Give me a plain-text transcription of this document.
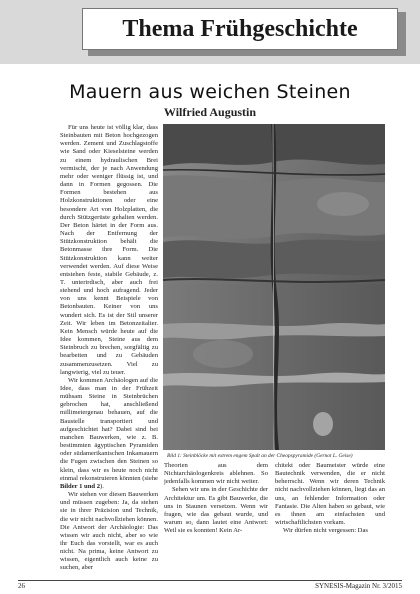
Thema Frühgeschichte
Mauern aus weichen Steinen
Wilfried Augustin

Für uns heute ist völlig klar, dass Steinbauten mit Beton hochgezogen werden. Zement und Zuschlagstoffe wie Sand oder Kieselsteine werden zu einem hydraulischen Brei vermischt, der je nach Anwendung mehr oder weniger flüssig ist, und dann in Formen gegossen. Die Formen bestehen aus Holzkonstruktionen oder eine besondere Art von Holzplatten, die durch Stützgerüste gehalten werden. Der Beton härtet in der Form aus. Nach der Entfernung der Stützkonstruktion behält die Betonmasse ihre Form. Die Stützkonstruktion kann weiter verwendet werden. Auf diese Weise entstehen feste, stabile Gebäude, z. T. unterirdisch, aber auch frei stehend und hoch aufragend. Jeder von uns kennt Beispiele von Betonbauten. Keiner von uns wundert sich. Es ist der Stil unserer Zeit. Wir leben im Betonzeitalter. Kein Mensch würde heute auf die Idee kommen, Steine aus dem Steinbruch zu brechen, sorgfältig zu bearbeiten und zu Gebäuden zusammenzusetzen. Viel zu langwierig, viel zu teuer.

Wir kommen Archäologen auf die Idee, dass man in der Frühzeit mühsam Steine in Steinbrüchen gebrochen hat, anschließend millimetergenau behauen, auf die Baustelle transportiert und aufgeschichtet hat? Dabei sind bei manchen Bauwerken, wie z. B. bestimmten ägyptischen Pyramiden oder südamerikanischen Inkamauern die Fugen zwischen den Steinen so klein, dass wir es heute noch nicht einmal rekonstruieren könnten (siehe Bilder 1 und 2).

Wir stehen vor diesen Bauwerken und müssen zugeben: Ja, da stehen sie in ihrer Präzision und Technik, die wir nicht nachvollziehen können. Die Antwort der Archäologie: Das wissen wir auch nicht, aber so wie ihr Euch das vorstellt, war es auch nicht. Na prima, keine Antwort zu wissen, eigentlich auch keine zu suchen, aber

Bild 1: Steinblöcke mit extrem engem Spalt an der Cheopspyramide (Gernot L. Geise)

Theorien aus dem Nichtarchäologenkreis ablehnen. So jedenfalls kommen wir nicht weiter.

Sehen wir uns in der Geschichte der Architektur um. Es gibt Bauwerke, die uns in Staunen versetzen. Wenn wir fragen, wie das gebaut wurde, und warum so, dann lautet eine Antwort: Weil sie es konnten! Kein Ar-

chitekt oder Baumeister würde eine Bautechnik verwenden, die er nicht beherrscht. Wenn wir deren Technik nicht nachvollziehen können, liegt das an uns, an fehlender Information oder Fantasie. Die Alten haben so gebaut, wie es ihnen am einfachsten und wirtschaftlichsten vorkam.

Wir dürfen nicht vergessen: Das

26	SYNESIS-Magazin Nr. 3/2015
